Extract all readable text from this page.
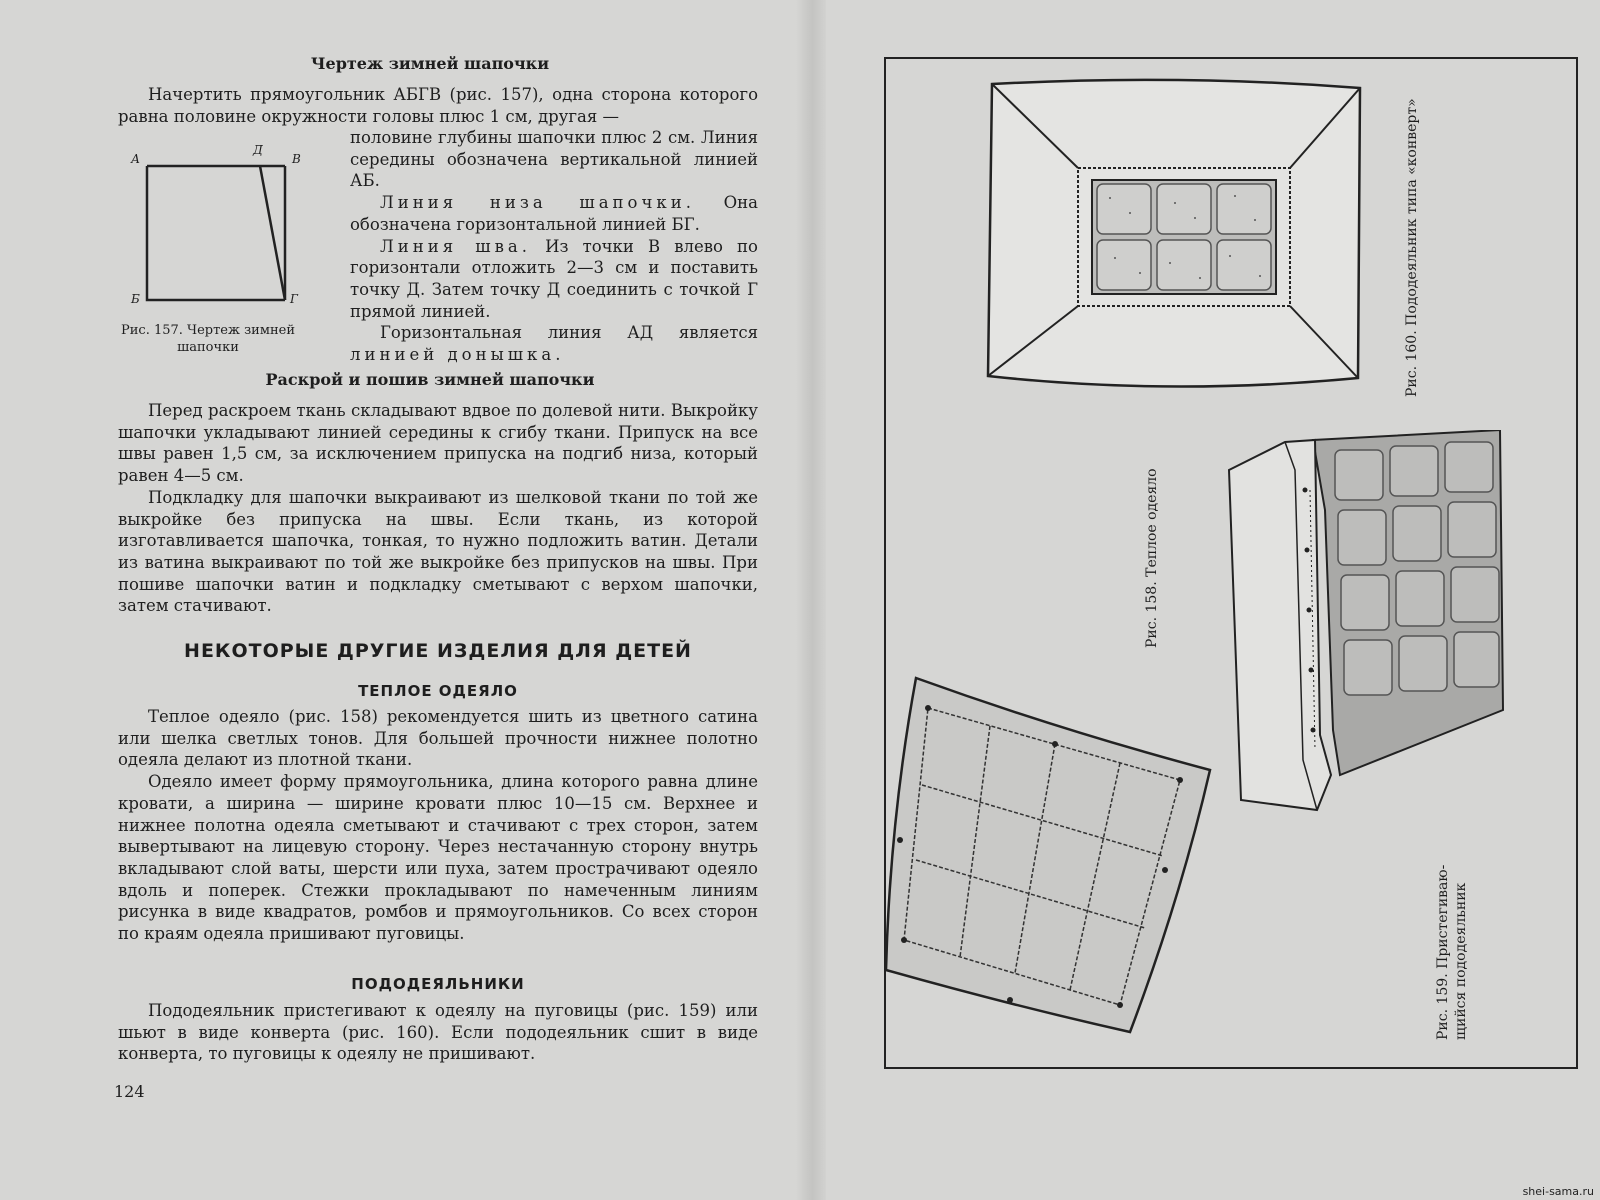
Чертеж зимней шапочки

Начертить прямоугольник АБГВ (рис. 157), одна сторона которого равна половине окружности головы плюс 1 см, другая —

А
Д
В
Б	Г
Рис. 157. Чертеж зимней шапочки

половине глубины шапочки плюс 2 см. Линия середины обозначена вертикальной линией АБ.

Линия низа шапочки. Она обозначена горизонтальной линией БГ.

Линия шва. Из точки В влево по горизонтали отложить 2—3 см и поставить точку Д. Затем точку Д соединить с точкой Г прямой линией.

Горизонтальная линия АД является линией донышка.

Раскрой и пошив зимней шапочки

Перед раскроем ткань складывают вдвое по долевой нити. Выкройку шапочки укладывают линией середины к сгибу ткани. Припуск на все швы равен 1,5 см, за исключением припуска на подгиб низа, который равен 4—5 см.

Подкладку для шапочки выкраивают из шелковой ткани по той же выкройке без припуска на швы. Если ткань, из которой изготавливается шапочка, тонкая, то нужно подложить ватин. Детали из ватина выкраивают по той же выкройке без припусков на швы. При пошиве шапочки ватин и подкладку сметывают с верхом шапочки, затем стачивают.

НЕКОТОРЫЕ ДРУГИЕ ИЗДЕЛИЯ ДЛЯ ДЕТЕЙ
ТЕПЛОЕ ОДЕЯЛО

Теплое одеяло (рис. 158) рекомендуется шить из цветного сатина или шелка светлых тонов. Для большей прочности нижнее полотно одеяла делают из плотной ткани.

Одеяло имеет форму прямоугольника, длина которого равна длине кровати, а ширина — ширине кровати плюс 10—15 см. Верхнее и нижнее полотна одеяла сметывают и стачивают с трех сторон, затем вывертывают на лицевую сторону. Через нестачанную сторону внутрь вкладывают слой ваты, шерсти или пуха, затем прострачивают одеяло вдоль и поперек. Стежки прокладывают по намеченным линиям рисунка в виде квадратов, ромбов и прямоугольников. Со всех сторон по краям одеяла пришивают пуговицы.

ПОДОДЕЯЛЬНИКИ

Пододеяльник пристегивают к одеялу на пуговицы (рис. 159) или шьют в виде конверта (рис. 160). Если пододеяльник сшит в виде конверта, то пуговицы к одеялу не пришивают.

124
Рис. 160. Пододеяльник типа «конверт»
Рис. 158. Теплое одеяло
Рис. 159. Пристегиваю- щийся пододеяльник
shei-sama.ru
